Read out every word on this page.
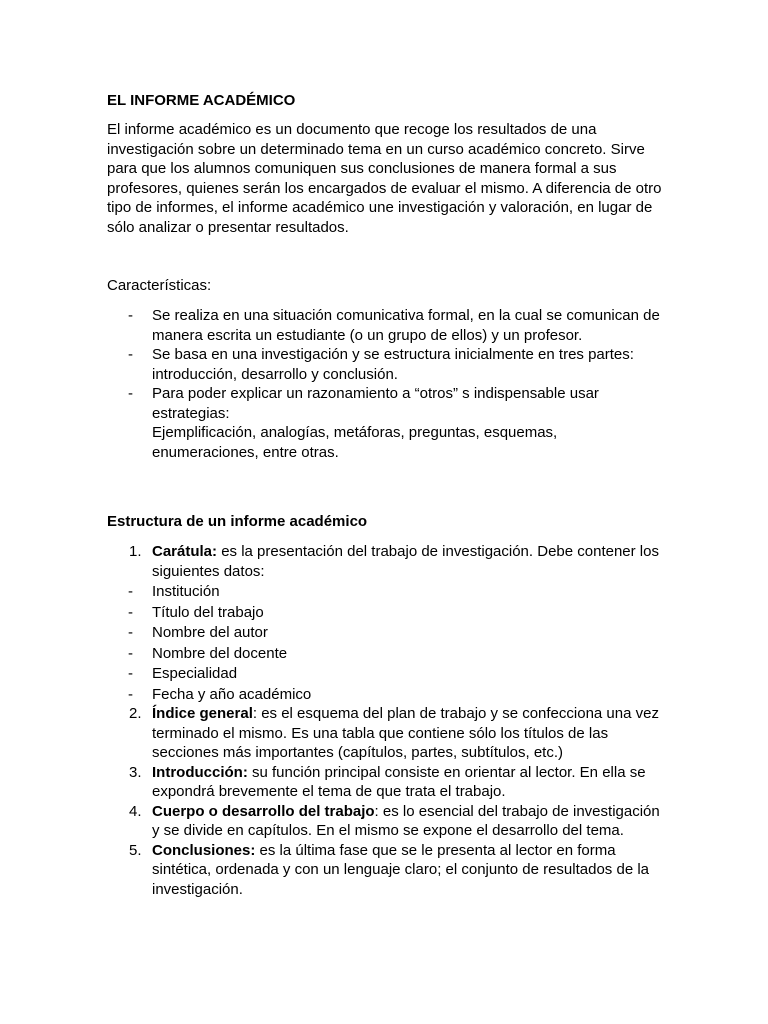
EL INFORME ACADÉMICO

El informe académico es un documento que recoge los resultados de una investigación sobre un determinado tema en un curso académico concreto. Sirve para que los alumnos comuniquen sus conclusiones de manera formal a sus profesores, quienes serán los encargados de evaluar el mismo. A diferencia de otro tipo de informes, el informe académico une investigación y valoración, en lugar de sólo analizar o presentar resultados.

Características:

- Se realiza en una situación comunicativa formal, en la cual se comunican de manera escrita un estudiante (o un grupo de ellos) y un profesor.
- Se basa en una investigación y se estructura inicialmente en tres partes: introducción, desarrollo y conclusión.
- Para poder explicar un razonamiento a “otros” s indispensable usar estrategias:
Ejemplificación, analogías, metáforas, preguntas, esquemas, enumeraciones, entre otras.
Estructura de un informe académico
1. Carátula: es la presentación del trabajo de investigación. Debe contener los siguientes datos:
- Institución
- Título del trabajo
- Nombre del autor
- Nombre del docente
- Especialidad
- Fecha y año académico
2. Índice general: es el esquema del plan de trabajo y se confecciona una vez terminado el mismo. Es una tabla que contiene sólo los títulos de las secciones más importantes (capítulos, partes, subtítulos, etc.)
3. Introducción: su función principal consiste en orientar al lector. En ella se expondrá brevemente el tema de que trata el trabajo.
4. Cuerpo o desarrollo del trabajo: es lo esencial del trabajo de investigación y se divide en capítulos. En el mismo se expone el desarrollo del tema.
5. Conclusiones: es la última fase que se le presenta al lector en forma sintética, ordenada y con un lenguaje claro; el conjunto de resultados de la investigación.
